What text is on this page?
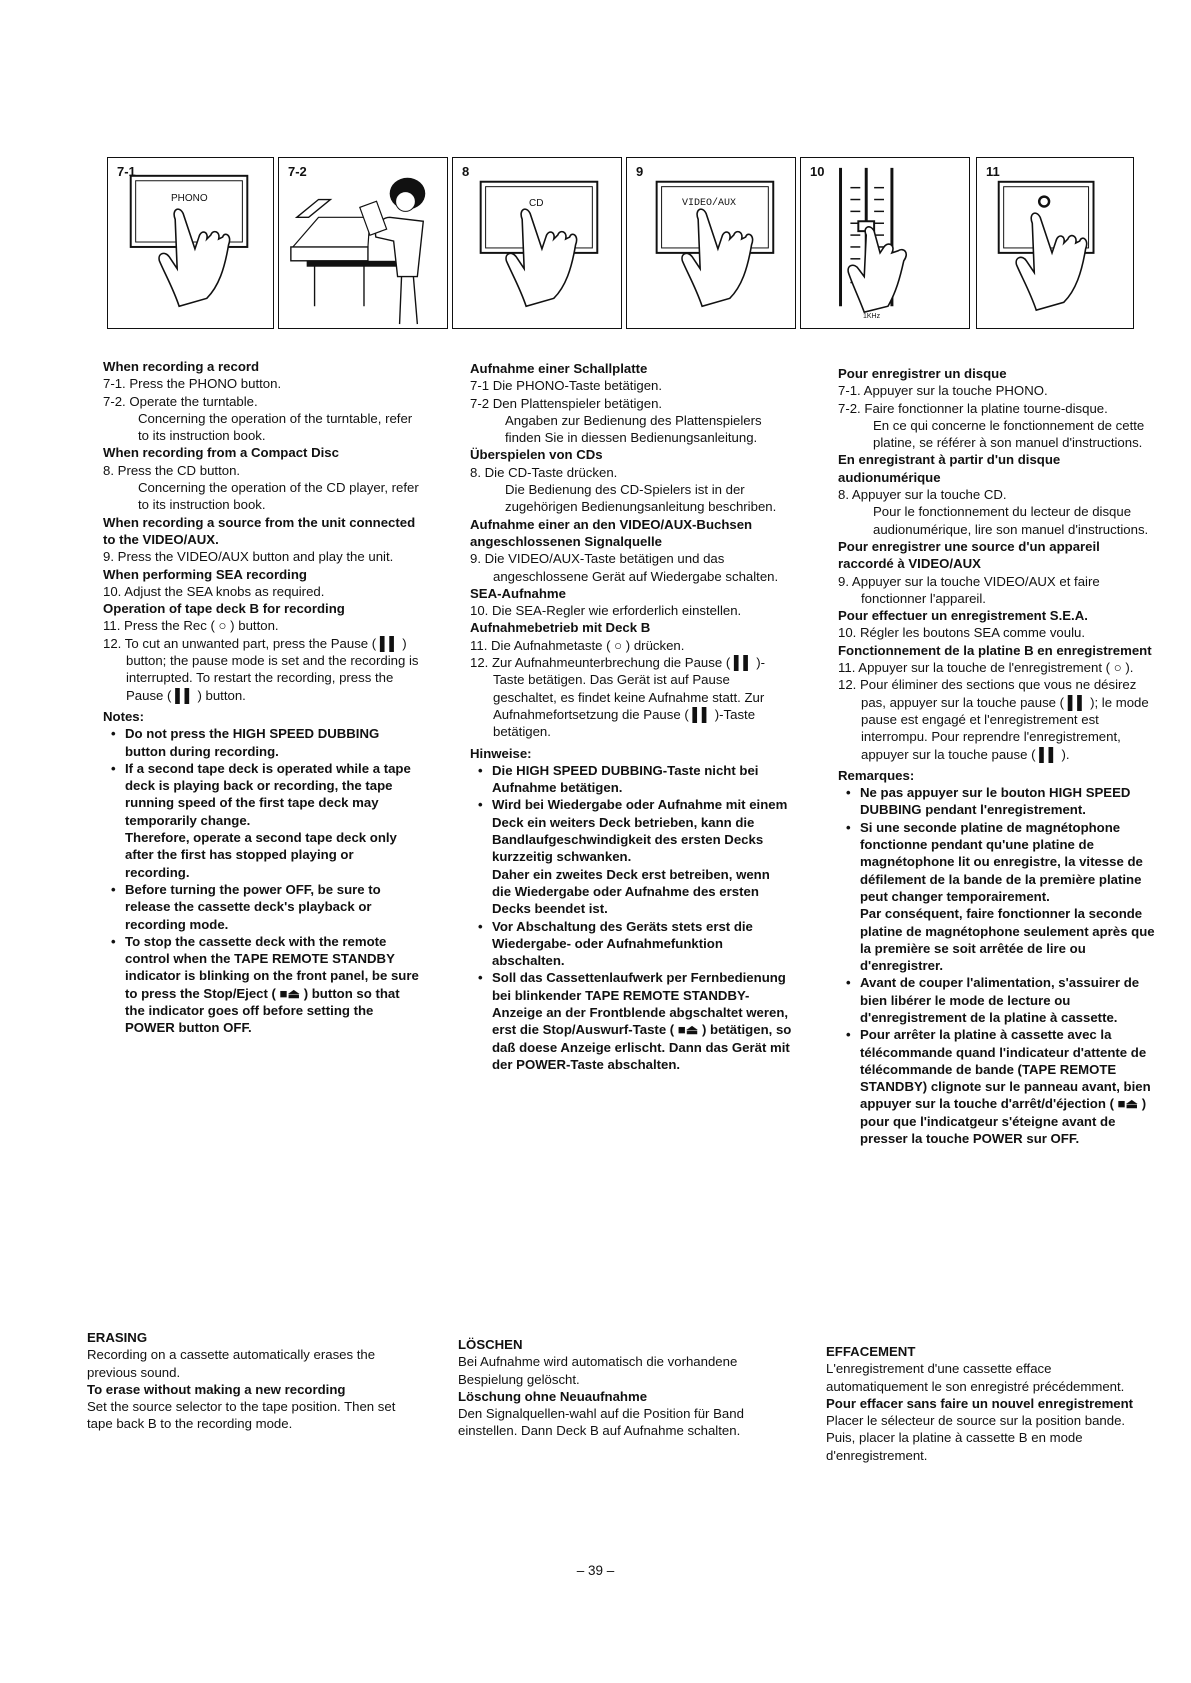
7-1
PHONO
7-2	8
CD
9
VIDEO/AUX
10
1KHz
11
When recording a record
7-1. Press the PHONO button.
7-2. Operate the turntable.
Concerning the operation of the turntable, refer to its instruction book.
When recording from a Compact Disc
8. Press the CD button.
Concerning the operation of the CD player, refer to its instruction book.
When recording a source from the unit connected to the VIDEO/AUX.
9. Press the VIDEO/AUX button and play the unit.
When performing SEA recording
10. Adjust the SEA knobs as required.
Operation of tape deck B for recording
11. Press the Rec ( ○ ) button.
12. To cut an unwanted part, press the Pause ( ▌▌ ) button; the pause mode is set and the recording is interrupted. To restart the recording, press the Pause ( ▌▌ ) button.
Notes:
• Do not press the HIGH SPEED DUBBING button during recording.
• If a second tape deck is operated while a tape deck is playing back or recording, the tape running speed of the first tape deck may temporarily change.
Therefore, operate a second tape deck only after the first has stopped playing or recording.
• Before turning the power OFF, be sure to release the cassette deck's playback or recording mode.
• To stop the cassette deck with the remote control when the TAPE REMOTE STANDBY indicator is blinking on the front panel, be sure to press the Stop/Eject ( ■⏏ ) button so that the indicator goes off before setting the POWER button OFF.
Aufnahme einer Schallplatte
7-1 Die PHONO-Taste betätigen.
7-2 Den Plattenspieler betätigen.
Angaben zur Bedienung des Plattenspielers finden Sie in diessen Bedienungsanleitung.
Überspielen von CDs
8. Die CD-Taste drücken.
Die Bedienung des CD-Spielers ist in der zugehörigen Bedienungsanleitung beschriben.
Aufnahme einer an den VIDEO/AUX-Buchsen angeschlossenen Signalquelle
9. Die VIDEO/AUX-Taste betätigen und das angeschlossene Gerät auf Wiedergabe schalten.
SEA-Aufnahme
10. Die SEA-Regler wie erforderlich einstellen.
Aufnahmebetrieb mit Deck B
11. Die Aufnahmetaste ( ○ ) drücken.
12. Zur Aufnahmeunterbrechung die Pause ( ▌▌ )-Taste betätigen. Das Gerät ist auf Pause geschaltet, es findet keine Aufnahme statt. Zur Aufnahmefortsetzung die Pause ( ▌▌ )-Taste betätigen.
Hinweise:
• Die HIGH SPEED DUBBING-Taste nicht bei Aufnahme betätigen.
• Wird bei Wiedergabe oder Aufnahme mit einem Deck ein weiters Deck betrieben, kann die Bandlaufgeschwindigkeit des ersten Decks kurzzeitig schwanken.
Daher ein zweites Deck erst betreiben, wenn die Wiedergabe oder Aufnahme des ersten Decks beendet ist.
• Vor Abschaltung des Geräts stets erst die Wiedergabe- oder Aufnahmefunktion abschalten.
• Soll das Cassettenlaufwerk per Fernbedienung bei blinkender TAPE REMOTE STANDBY-Anzeige an der Frontblende abgschaltet weren, erst die Stop/Auswurf-Taste ( ■⏏ ) betätigen, so daß doese Anzeige erlischt. Dann das Gerät mit der POWER-Taste abschalten.
Pour enregistrer un disque
7-1. Appuyer sur la touche PHONO.
7-2. Faire fonctionner la platine tourne-disque.
En ce qui concerne le fonctionnement de cette platine, se référer à son manuel d'instructions.
En enregistrant à partir d'un disque audionumérique
8. Appuyer sur la touche CD.
Pour le fonctionnement du lecteur de disque audionumérique, lire son manuel d'instructions.
Pour enregistrer une source d'un appareil raccordé à VIDEO/AUX
9. Appuyer sur la touche VIDEO/AUX et faire fonctionner l'appareil.
Pour effectuer un enregistrement S.E.A.
10. Régler les boutons SEA comme voulu.
Fonctionnement de la platine B en enregistrement
11. Appuyer sur la touche de l'enregistrement ( ○ ).
12. Pour éliminer des sections que vous ne désirez pas, appuyer sur la touche pause ( ▌▌ ); le mode pause est engagé et l'enregistrement est interrompu. Pour reprendre l'enregistrement, appuyer sur la touche pause ( ▌▌ ).
Remarques:
• Ne pas appuyer sur le bouton HIGH SPEED DUBBING pendant l'enregistrement.
• Si une seconde platine de magnétophone fonctionne pendant qu'une platine de magnétophone lit ou enregistre, la vitesse de défilement de la bande de la première platine peut changer temporairement.
Par conséquent, faire fonctionner la seconde platine de magnétophone seulement après que la première se soit arrêtée de lire ou d'enregistrer.
• Avant de couper l'alimentation, s'assuirer de bien libérer le mode de lecture ou d'enregistrement de la platine à cassette.
• Pour arrêter la platine à cassette avec la télécommande quand l'indicateur d'attente de télécommande de bande (TAPE REMOTE STANDBY) clignote sur le panneau avant, bien appuyer sur la touche d'arrêt/d'éjection ( ■⏏ ) pour que l'indicatgeur s'éteigne avant de presser la touche POWER sur OFF.
ERASING
Recording on a cassette automatically erases the previous sound.
To erase without making a new recording
Set the source selector to the tape position. Then set tape back B to the recording mode.
LÖSCHEN
Bei Aufnahme wird automatisch die vorhandene Bespielung gelöscht.
Löschung ohne Neuaufnahme
Den Signalquellen-wahl auf die Position für Band einstellen. Dann Deck B auf Aufnahme schalten.
EFFACEMENT
L'enregistrement d'une cassette efface automatiquement le son enregistré précédemment.
Pour effacer sans faire un nouvel enregistrement
Placer le sélecteur de source sur la position bande. Puis, placer la platine à cassette B en mode d'enregistrement.
– 39 –
